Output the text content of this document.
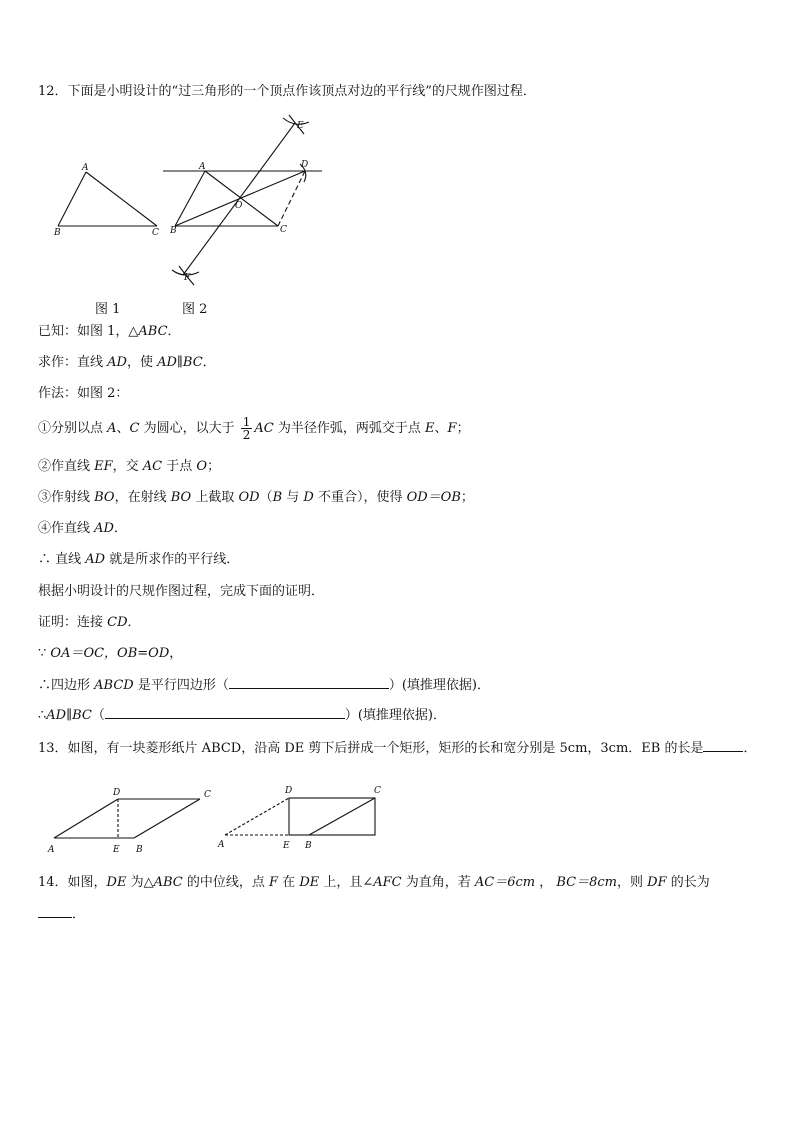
12．下面是小明设计的“过三角形的一个顶点作该顶点对边的平行线”的尺规作图过程．
A
B	C
A
B	C
D
O
E
F
图 1	图 2
已知：如图 1，△ABC．
求作：直线 AD，使 AD∥BC．
作法：如图 2：
①分别以点 A、C 为圆心，以大于 $\frac{1}{2}$ AC 为半径作弧，两弧交于点 E、F；
②作直线 EF，交 AC 于点 O；
③作射线 BO，在射线 BO 上截取 OD（B 与 D 不重合），使得 OD＝OB；
④作直线 AD．
∴ 直线 AD 就是所求作的平行线．
根据小明设计的尺规作图过程，完成下面的证明．
证明：连接 CD．
∵ OA＝OC，OB=OD，
∴四边形 ABCD 是平行四边形（	）(填推理依据)．
∴AD∥BC（	）(填推理依据)．
13．如图，有一块菱形纸片 ABCD，沿高 DE 剪下后拼成一个矩形，矩形的长和宽分别是 5cm，3cm．EB 的长是	．
A	E B
D	C
A	E B
D	C
14．如图，DE 为△ABC 的中位线，点 F 在 DE 上，且∠AFC 为直角，若 AC＝6cm ， BC＝8cm，则 DF 的长为
．
